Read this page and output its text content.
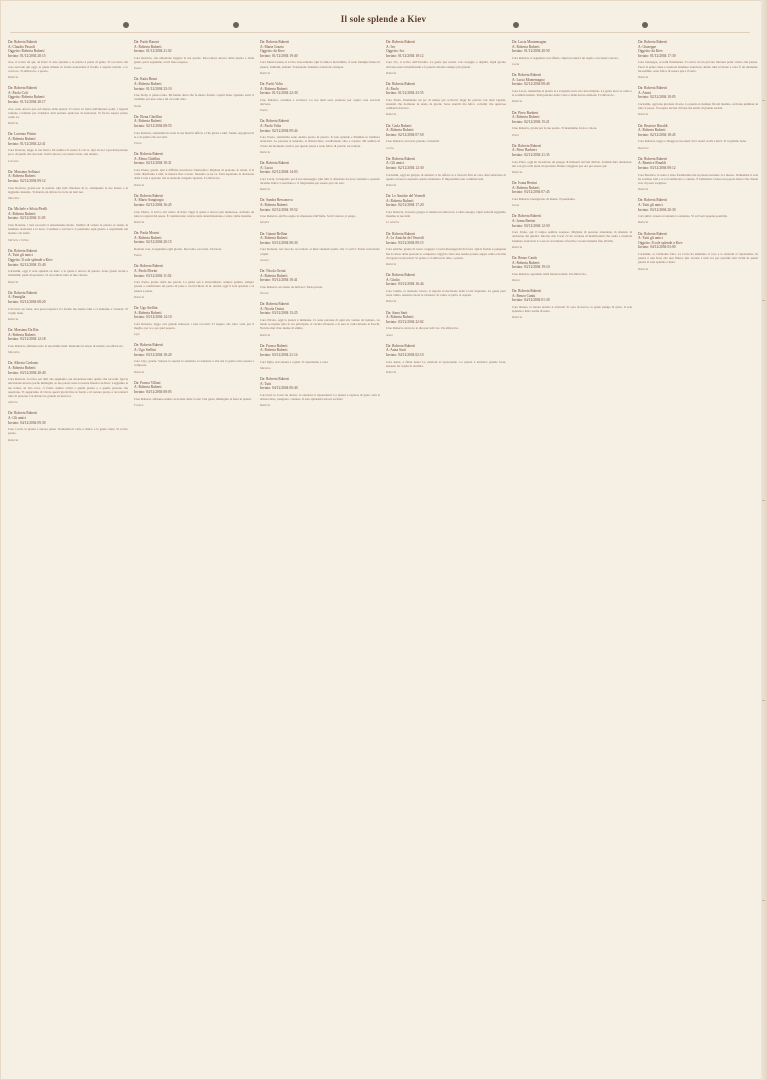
Il sole splende a Kiev
Da: Roberta Ruberti
A: Claudio Passoli
Oggetto: Roberta Ruberti
Inviato: 01/12/2004 20:15
ciao, ti scrivo da qui, da Kiev: il sole splende e la piazza è piena di gente. Ti racconto che cosa succede qui oggi, la gente rimane in strada nonostante il freddo e aspetta notizie, e io con loro. Ti abbraccio, a presto.
Roberta
Da: Roberta Ruberti
A: Paolo Coli
Oggetto: Roberta Ruberti
Inviato: 01/12/2004 20:17
ciao, sono ancora qui, nel mezzo della piazza. Ti scrivo in fretta dall'internet point, i ragazzi cantano e ballano per scaldarsi, tutti portano qualcosa di arancione. Ti faccio sapere presto come va.
Roberta
Da: Lorenzo Pittini
A: Roberta Ruberti
Inviato: 01/12/2004 22:41
Cara Roberta, leggo le tue mail e mi sembra di essere lì con te. Qui da noi i giornali parlano poco di quello che succede. Scrivi ancora, raccontaci tutto, stai attenta.
Lorenzo
Da: Massimo Sollazzi
A: Roberta Ruberti
Inviato: 02/12/2004 09:12
Ciao Roberta, grazie per le notizie. Qui tutti chiedono di te, stampiamo le tue lettere e le leggiamo insieme. Ti mando un abbraccio forte da tutti noi.
Massimo
Da: Michele e Silvia Pirelli
A: Roberta Ruberti
Inviato: 02/12/2004 11:05
Ciao Roberta, i tuoi racconti ci emozionano molto. Sembra di vedere la piazza, le tende, le bandiere arancioni e la neve. Continua a scriverci, ti pensiamo ogni giorno e aspettiamo tue notizie con ansia.
Michele e Silvia
Da: Roberta Ruberti
A: Tutti gli amici
Oggetto: Il sole splende a Kiev
Inviato: 02/12/2004 15:40
Carissimi, oggi il sole splende su Kiev e la gente è ancora in piazza. Sono giorni strani e bellissimi, pieni di speranza. Vi racconterò tutto al mio ritorno.
Roberta
Da: Roberta Ruberti
A: Famiglia
Inviato: 03/12/2004 08:20
Cari tutti, sto bene, non preoccupatevi. Fa freddo ma siamo tanti e ci aiutiamo a vicenda. Vi voglio bene.
Roberta
Da: Massimo Da Rin
A: Roberta Ruberti
Inviato: 03/12/2004 12:18
Ciao Roberta, abbiamo letto la tua ultima mail. Restiamo in attesa di notizie, un abbraccio.
Massimo
Da: Alberta Cirdonio
A: Roberta Ruberti
Inviato: 03/12/2004 20:40
Cara Roberta, ti scrivo per dirti che seguiamo con attenzione tutto quello che racconti. Qui la televisione mostra poche immagini, le tue parole sono la nostra finestra su Kiev. Leggiamo le tue lettere ad alta voce, ci fanno sentire vicini a quella piazza e a quelle persone che aspettano. Ti auguriamo di vivere questi giorni fino in fondo e di tornare presto a raccontarci tutto di persona. Un abbraccio grande da tutti noi.
Alberta
Da: Roberta Ruberti
A: Gli amici
Inviato: 04/12/2004 09:30
Ciao a tutti, la piazza è ancora piena. Stamattina il cielo è chiaro e la gente canta. Vi scrivo presto.
Roberta
Da: Paolo Baroni
A: Roberta Ruberti
Inviato: 01/12/2004 21:02
Cara Roberta, che emozione leggere le tue parole. Raccontaci ancora della piazza e della gente, qui ti seguiamo con il fiato sospeso.
Paolo
Da: Katia Bruni
A: Roberta Ruberti
Inviato: 01/12/2004 23:10
Ciao Roby, ti penso tanto. Mi hanno detto che fa molto freddo, copriti bene. Quando torni ci vediamo per una cena e mi racconti tutto.
Katia
Da: Elena Chiellini
A: Roberta Ruberti
Inviato: 02/12/2004 08:55
Cara Roberta, stamattina ho letto la tua mail in ufficio e l'ho girata a tutti. Siamo orgogliosi di te e di quello che racconti.
Elena
Da: Roberta Ruberti
A: Elena Chiellini
Inviato: 02/12/2004 10:31
Cara Elena, grazie. Qui è difficile descrivere l'atmosfera: migliaia di persone, le tende, il tè caldo distribuito a tutti, la musica fino a notte. Nessuno se ne va. Tutti aspettano la decisione della Corte e sperano che le elezioni vengano ripetute. Ti abbraccio.
Roberta
Da: Roberta Ruberti
A: Mario Sangiorgio
Inviato: 02/12/2004 16:45
Ciao Mario, ti scrivo dal centro di Kiev. Oggi la gente è ancora più numerosa, arrivano da tutte le regioni del paese. È commovente vedere tanta determinazione e tanta calma insieme.
Roberta
Da: Paola Morini
A: Roberta Ruberti
Inviato: 02/12/2004 20:15
Roberta cara, ti seguiamo ogni giorno. Racconta, racconta. Un bacio.
Paola
Da: Roberta Ruberti
A: Paola Morini
Inviato: 03/12/2004 11:02
Cara Paola, grazie delle tue parole. La gente qui è straordinaria, sempre gentile, sempre pronta a condividere un pezzo di pane o un bicchiere di tè. Anche oggi il sole splende e la piazza è piena.
Roberta
Da: Ugo Stellini
A: Roberta Ruberti
Inviato: 03/12/2004 14:10
Cara Roberta, leggo con grande interesse i tuoi racconti. Ti auguro che tutto vada per il meglio, per te e per quel popolo.
Ugo
Da: Roberta Ruberti
A: Ugo Stellini
Inviato: 03/12/2004 18:20
Caro Ugo, grazie. Stasera si aspetta la sentenza, la tensione è alta ma la gente resta serena e composta.
Roberta
Da: Franca Villani
A: Roberta Ruberti
Inviato: 04/12/2004 08:05
Ciao Roberta, abbiamo sentito la notizia della Corte! Che gioia, immagino la festa in piazza.
Franca
Da: Roberta Ruberti
A: Maria Grazia
Oggetto: da Kiev
Inviato: 01/12/2004 19:40
Cara Maria Grazia, ti scrivo velocemente. Qui il clima è incredibile, ci sono famiglie intere in piazza, bambini, anziani. Sventolano bandiere arancioni ovunque.
Roberta
Da: Paolo Volta
A: Roberta Ruberti
Inviato: 01/12/2004 22:30
Ciao Roberta, continua a scriverci. Le tue mail sono preziose per capire cosa succede davvero.
Paolo
Da: Roberta Ruberti
A: Paolo Volta
Inviato: 02/12/2004 09:44
Caro Paolo, stamattina sono andata presto in piazza. Il sole splende e illumina le bandiere arancioni. Le persone si salutano, si abbracciano, condividono cibo e coperte. Mi sembra di vivere un momento storico per questo paese e sono felice di poterlo raccontare.
Roberta
Da: Roberta Ruberti
A: Lucia
Inviato: 02/12/2004 14:03
Cara Lucia, ti ringrazio per il tuo messaggio. Qui tutti ci chiedono da dove veniamo e quando diciamo Italia ci sorridono e ci ringraziano per essere qui con loro.
Roberta
Da: Sandra Bessonova
A: Roberta Ruberti
Inviato: 02/12/2004 19:52
Ciao Roberta, anch'io seguo la situazione dall'Italia. Scrivi ancora, ti prego.
Sandra
Da: Gianni Bellina
A: Roberta Ruberti
Inviato: 03/12/2004 08:30
Cara Roberta, ieri sera ho raccontato ai miei studenti quello che ci scrivi. Erano tutti molto colpiti.
Gianni
Da: Nicola Orsini
A: Roberta Ruberti
Inviato: 03/12/2004 10:41
Ciao Roberta, un saluto da tutti noi. Torna presto.
Nicola
Da: Roberta Ruberti
A: Nicola Orsini
Inviato: 03/12/2004 13:25
Caro Nicola, oggi la piazza è immensa. Ci sono persone di ogni età, venute da lontano. Le tende occupano tutta la via principale, si cucina all'aperto e la sera si canta intorno ai fuochi. Non ho mai visto niente di simile.
Roberta
Da: Franca Ruberti
A: Roberta Ruberti
Inviato: 03/12/2004 21:14
Cara figlia, stai attenta e copriti. Ti aspettiamo a casa.
Mamma
Da: Roberta Ruberti
A: Tutti
Inviato: 04/12/2004 00:40
Cari tutti, la Corte ha deciso: le elezioni si ripeteranno! La piazza è esplosa di gioia, tutti si abbracciano, piangono, cantano. Il sole splenderà ancora su Kiev.
Roberta
Da: Roberta Ruberti
A: Ivo
Oggetto: Ivo
Inviato: 01/12/2004 18:12
Caro Ivo, ti scrivo dall'Ucraina. La gente qui resiste con coraggio e dignità. Ogni giorno arrivano nuovi manifestanti e la piazza diventa sempre più grande.
Roberta
Da: Roberta Ruberti
A: Paolo
Inviato: 01/12/2004 23:55
Caro Paolo, finalmente un po' di tempo per scriverti. Oggi ho parlato con tanti ragazzi, studenti che dormono in tenda da giorni. Sono stanchi ma felici, convinti che qualcosa cambierà davvero.
Roberta
Da: Carla Ruberti
A: Roberta Ruberti
Inviato: 02/12/2004 07:50
Ciao Roberta, un bacio grande, ci manchi.
Carla
Da: Roberta Ruberti
A: Gli amici
Inviato: 02/12/2004 12:30
Carissimi, oggi un gruppo di anziani ci ha offerto tè e biscotti fatti in casa. Raccontavano di quanto avessero aspettato questo momento. È impossibile non commuoversi.
Roberta
Da: Le Amiche del Venerdì
A: Roberta Ruberti
Inviato: 02/12/2004 17:20
Cara Roberta, il nostro gruppo ti manda un abbraccio e tanta energia. Ogni venerdì leggiamo insieme le tue mail.
Le amiche
Da: Roberta Ruberti
A: Le Amiche del Venerdì
Inviato: 03/12/2004 09:15
Care amiche, grazie di cuore. Leggere i vostri messaggi mi dà forza. Qui il freddo è pungente ma il calore delle persone lo compensa. Oggi ho visto una nonna portare zuppa calda a decine di ragazzi sconosciuti. Vi penso e vi abbraccio tutte, a presto.
Roberta
Da: Roberta Ruberti
A: Giulio
Inviato: 03/12/2004 16:44
Caro Giulio, la tensione cresce, si aspetta la decisione della Corte Suprema. La gente però resta calma, nessuno vuole la violenza. Si canta, si parla, si aspetta.
Roberta
Da: Anna Sarti
A: Roberta Ruberti
Inviato: 03/12/2004 22:02
Ciao Roberta, incrocio le dita per tutti voi. Un abbraccio.
Anna
Da: Roberta Ruberti
A: Anna Sarti
Inviato: 04/12/2004 02:10
Cara Anna, è finita bene! Le elezioni si ripeteranno. La piazza è un'unica grande festa, nessuno ha voglia di dormire.
Roberta
Da: Lucia Montemagno
A: Roberta Ruberti
Inviato: 01/12/2004 20:50
Cara Roberta, ti seguiamo con affetto. Ogni tua mail è un regalo, raccontaci ancora.
Lucia
Da: Roberta Ruberti
A: Lucia Montemagno
Inviato: 02/12/2004 08:40
Cara Lucia, stamattina la piazza si è svegliata sotto un cielo limpido. La gente beve tè caldo e si scambia notizie. Tutti parlano della Corte e delle nuove elezioni. Ti abbraccio.
Roberta
Da: Piero Barbieri
A: Roberta Ruberti
Inviato: 02/12/2004 15:21
Ciao Roberta, grazie per le tue parole. Ti mandiamo forza e calore.
Piero
Da: Roberta Ruberti
A: Piero Barbieri
Inviato: 02/12/2004 21:35
Caro Piero, oggi ho incontrato un gruppo di minatori arrivati dall'est. Uomini duri, silenziosi, ma con gli occhi pieni di speranza. Hanno viaggiato per ore per essere qui.
Roberta
Da: Ivana Bertini
A: Roberta Ruberti
Inviato: 03/12/2004 07:45
Cara Roberta, buongiorno da Roma. Ti pensiamo.
Ivana
Da: Roberta Ruberti
A: Ivana Bertini
Inviato: 03/12/2004 12:50
Cara Ivana, qui il tempo sembra sospeso. Migliaia di persone attendono in silenzio la decisione dei giudici. Intorno alla Corte c'è un cordone di manifestanti che canta e sventola bandiere arancioni. La sera si accendono i fuochi e si resta insieme fino all'alba.
Roberta
Da: Renzo Cantù
A: Roberta Ruberti
Inviato: 03/12/2004 19:10
Ciao Roberta, speriamo nella buona notizia. Un abbraccio.
Renzo
Da: Roberta Ruberti
A: Renzo Cantù
Inviato: 04/12/2004 01:30
Caro Renzo, la buona notizia è arrivata! Si vota di nuovo, la gente piange di gioia. Il sole splende a Kiev anche di notte.
Roberta
Da: Roberta Ruberti
A: Giuseppe
Oggetto: da Kiev
Inviato: 01/12/2004 17:30
Caro Giuseppe, eccomi finalmente. Ti scrivo da un piccolo internet point vicino alla piazza. Fuori la gente canta e sventola bandiere arancioni, dentro tutti scrivono a casa. È un momento incredibile, sono felice di essere qui a viverlo.
Roberta
Da: Roberta Ruberti
A: Amici
Inviato: 02/12/2004 10:05
Carissimi, oggi una giornata di sole. La piazza si riempie fin dal mattino, arrivano pullman da tutto il paese. Si respira un'aria di festa ma anche di grande serietà.
Roberta
Da: Beatrice Rinaldi
A: Roberta Ruberti
Inviato: 02/12/2004 18:45
Cara Roberta, leggo e rileggo le tue mail. Sei i nostri occhi a Kiev. Ti vogliamo bene.
Beatrice
Da: Roberta Ruberti
A: Beatrice Rinaldi
Inviato: 03/12/2004 08:12
Cara Beatrice, la notte è stata freddissima ma in piazza nessuno si è mosso. Stamattina il sole ha scaldato tutti e si è ricominciato a cantare. È bellissimo vedere un popolo intero che chiede solo di poter scegliere.
Roberta
Da: Roberta Ruberti
A: Tutti gli amici
Inviato: 03/12/2004 20:30
Cari amici, stasera si attende la sentenza. Vi scriverò appena possibile.
Roberta
Da: Roberta Ruberti
A: Tutti gli amici
Oggetto: Il sole splende a Kiev
Inviato: 04/12/2004 03:00
Carissimi, ce l'abbiamo fatta. La Corte ha annullato il voto e le elezioni si ripeteranno. In piazza è una festa che non finisce più. Grazie a tutti voi per essermi stati vicini in questi giorni. Il sole splende a Kiev.
Roberta
